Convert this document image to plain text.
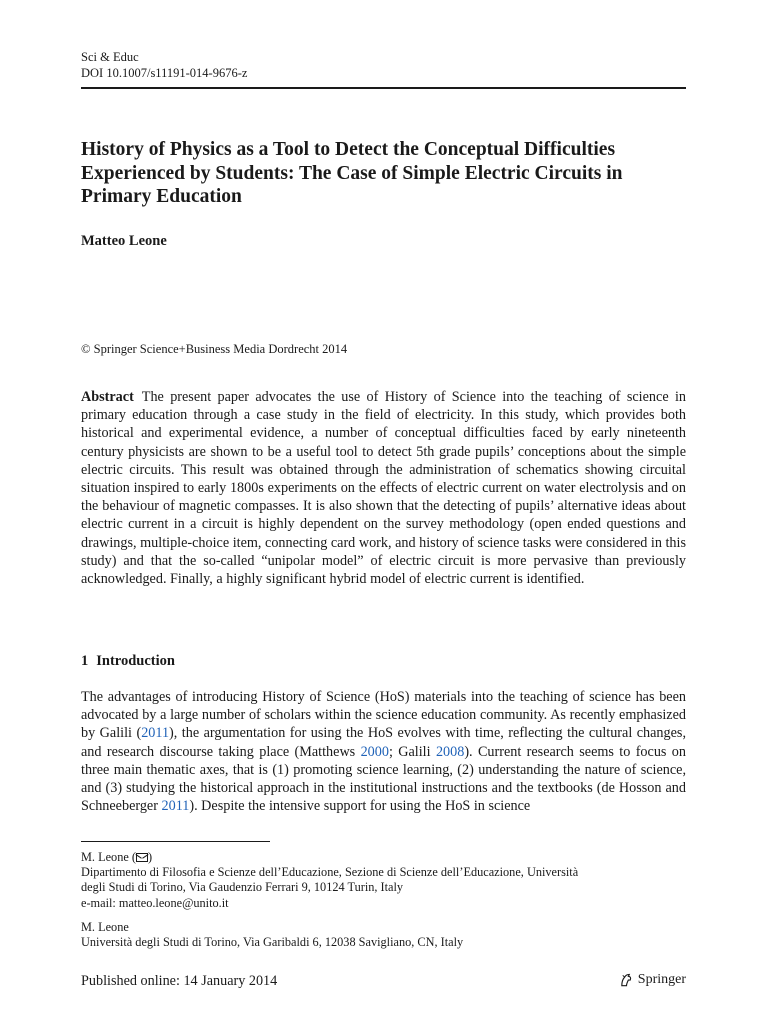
Sci & Educ
DOI 10.1007/s11191-014-9676-z
History of Physics as a Tool to Detect the Conceptual Difficulties Experienced by Students: The Case of Simple Electric Circuits in Primary Education
Matteo Leone
© Springer Science+Business Media Dordrecht 2014

Abstract The present paper advocates the use of History of Science into the teaching of science in primary education through a case study in the field of electricity. In this study, which provides both historical and experimental evidence, a number of conceptual difficulties faced by early nineteenth century physicists are shown to be a useful tool to detect 5th grade pupils’ conceptions about the simple electric circuits. This result was obtained through the administration of schematics showing circuital situation inspired to early 1800s experiments on the effects of electric current on water electrolysis and on the behaviour of magnetic compasses. It is also shown that the detecting of pupils’ alternative ideas about electric current in a circuit is highly dependent on the survey methodology (open ended questions and drawings, multiple-choice item, connecting card work, and history of science tasks were considered in this study) and that the so-called “unipolar model” of electric circuit is more pervasive than previously acknowledged. Finally, a highly significant hybrid model of electric current is identified.

1 Introduction

The advantages of introducing History of Science (HoS) materials into the teaching of science has been advocated by a large number of scholars within the science education community. As recently emphasized by Galili (2011), the argumentation for using the HoS evolves with time, reflecting the cultural changes, and research discourse taking place (Matthews 2000; Galili 2008). Current research seems to focus on three main thematic axes, that is (1) promoting science learning, (2) understanding the nature of science, and (3) studying the historical approach in the institutional instructions and the textbooks (de Hosson and Schneeberger 2011). Despite the intensive support for using the HoS in science

M. Leone ( )
Dipartimento di Filosofia e Scienze dell’Educazione, Sezione di Scienze dell’Educazione, Università
degli Studi di Torino, Via Gaudenzio Ferrari 9, 10124 Turin, Italy
e-mail: matteo.leone@unito.it
M. Leone
Università degli Studi di Torino, Via Garibaldi 6, 12038 Savigliano, CN, Italy
Published online: 14 January 2014	Springer
